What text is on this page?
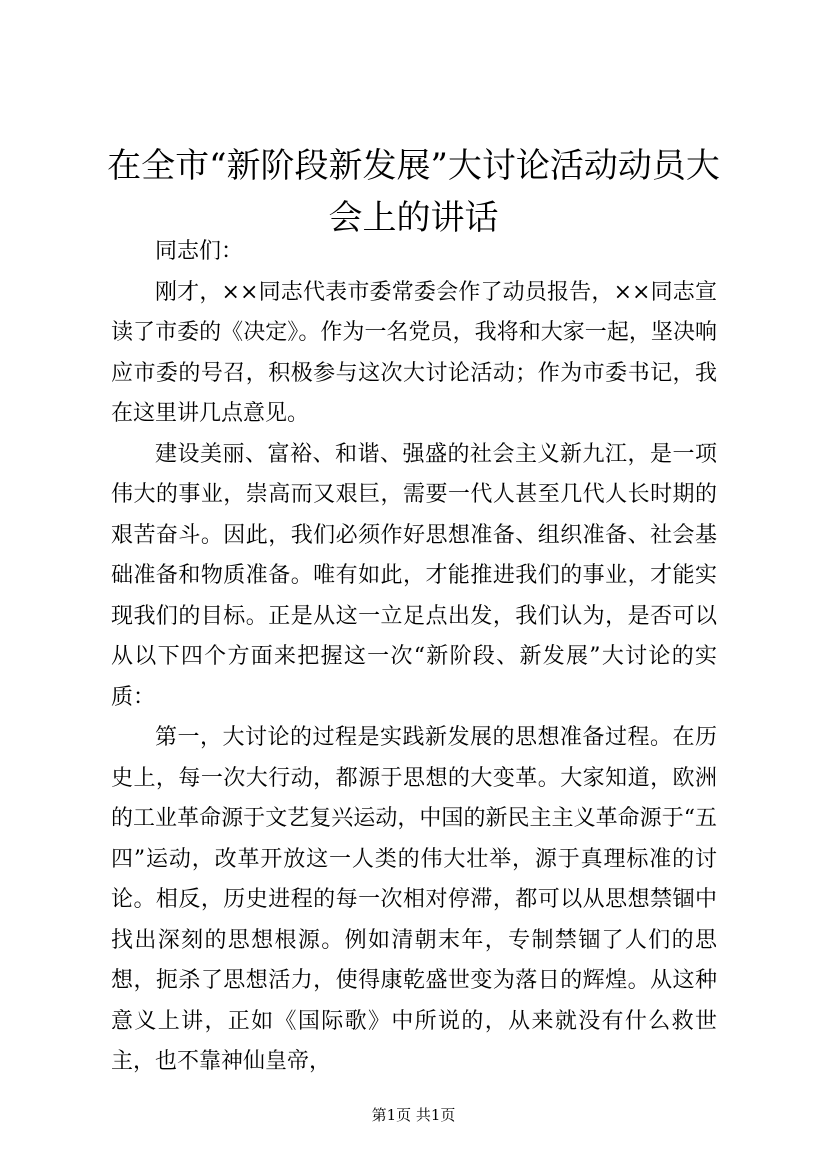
在全市“新阶段新发展”大讨论活动动员大会上的讲话

同志们：

刚才，××同志代表市委常委会作了动员报告，××同志宣读了市委的《决定》。作为一名党员，我将和大家一起，坚决响应市委的号召，积极参与这次大讨论活动；作为市委书记，我在这里讲几点意见。

建设美丽、富裕、和谐、强盛的社会主义新九江，是一项伟大的事业，崇高而又艰巨，需要一代人甚至几代人长时期的艰苦奋斗。因此，我们必须作好思想准备、组织准备、社会基础准备和物质准备。唯有如此，才能推进我们的事业，才能实现我们的目标。正是从这一立足点出发，我们认为，是否可以从以下四个方面来把握这一次“新阶段、新发展”大讨论的实质：

第一，大讨论的过程是实践新发展的思想准备过程。在历史上，每一次大行动，都源于思想的大变革。大家知道，欧洲的工业革命源于文艺复兴运动，中国的新民主主义革命源于“五四”运动，改革开放这一人类的伟大壮举，源于真理标准的讨论。相反，历史进程的每一次相对停滞，都可以从思想禁锢中找出深刻的思想根源。例如清朝末年，专制禁锢了人们的思想，扼杀了思想活力，使得康乾盛世变为落日的辉煌。从这种意义上讲，正如《国际歌》中所说的，从来就没有什么救世主，也不靠神仙皇帝，

第1页 共1页
